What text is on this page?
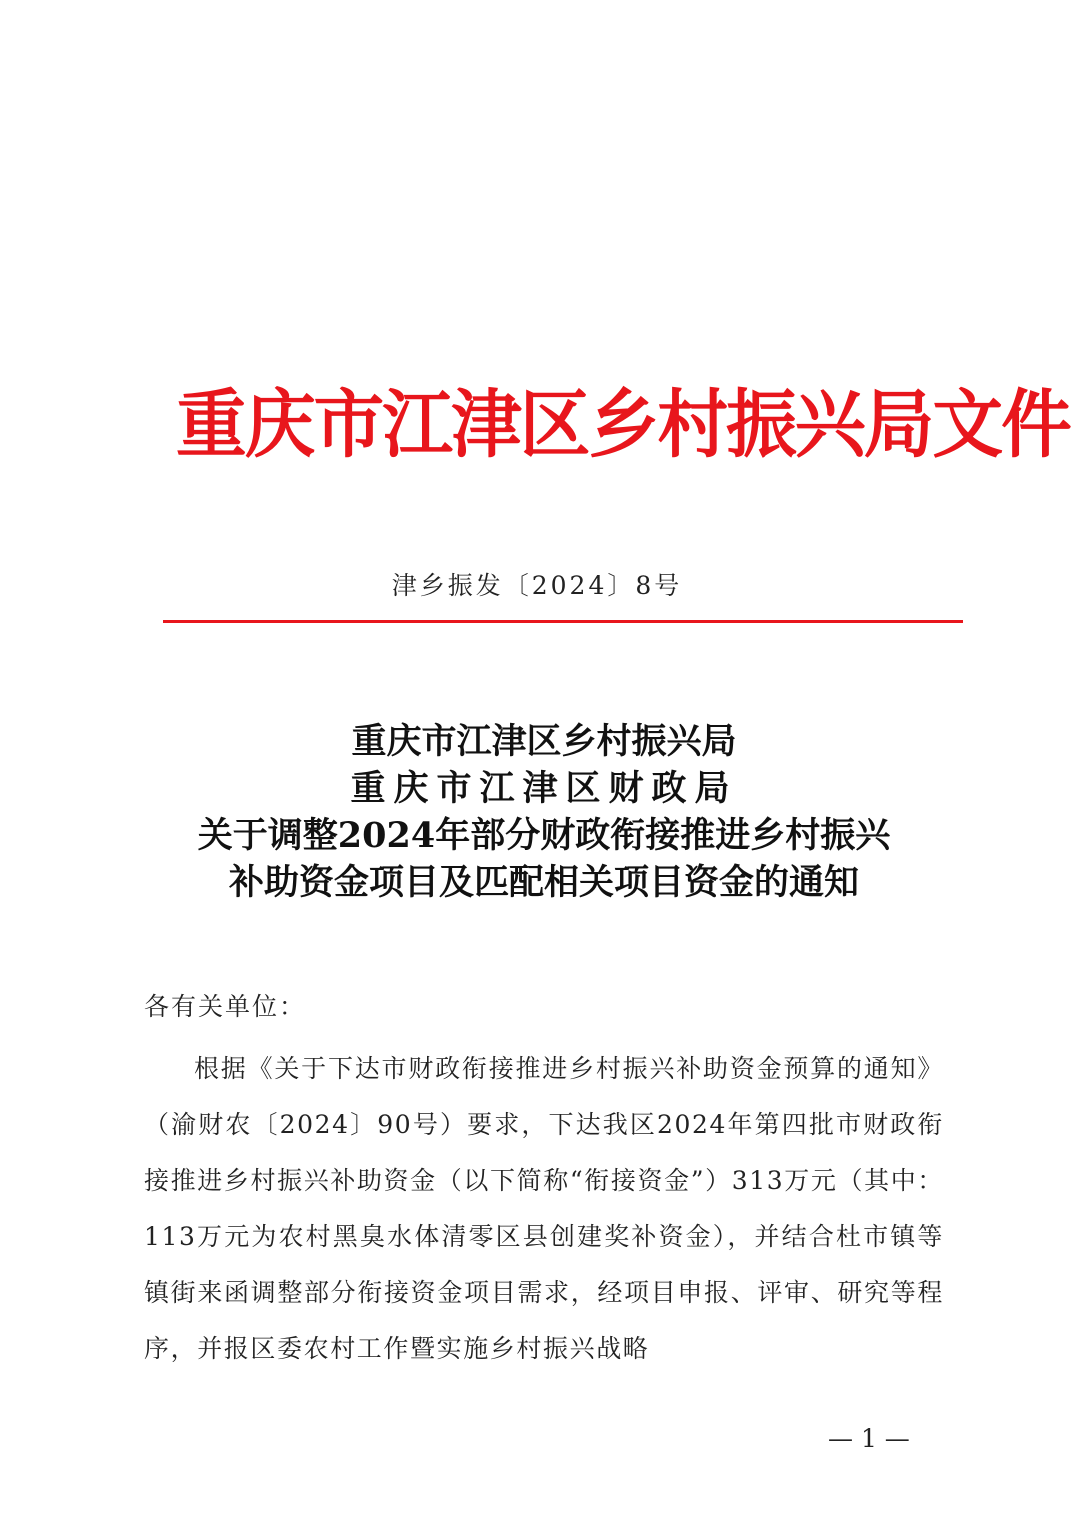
重庆市江津区乡村振兴局文件
津乡振发〔2024〕8号
重庆市江津区乡村振兴局
重庆市江津区财政局
关于调整2024年部分财政衔接推进乡村振兴
补助资金项目及匹配相关项目资金的通知
各有关单位：
根据《关于下达市财政衔接推进乡村振兴补助资金预算的通知》（渝财农〔2024〕90号）要求，下达我区2024年第四批市财政衔接推进乡村振兴补助资金（以下简称“衔接资金”）313万元（其中：113万元为农村黑臭水体清零区县创建奖补资金），并结合杜市镇等镇街来函调整部分衔接资金项目需求，经项目申报、评审、研究等程序，并报区委农村工作暨实施乡村振兴战略
— 1 —
